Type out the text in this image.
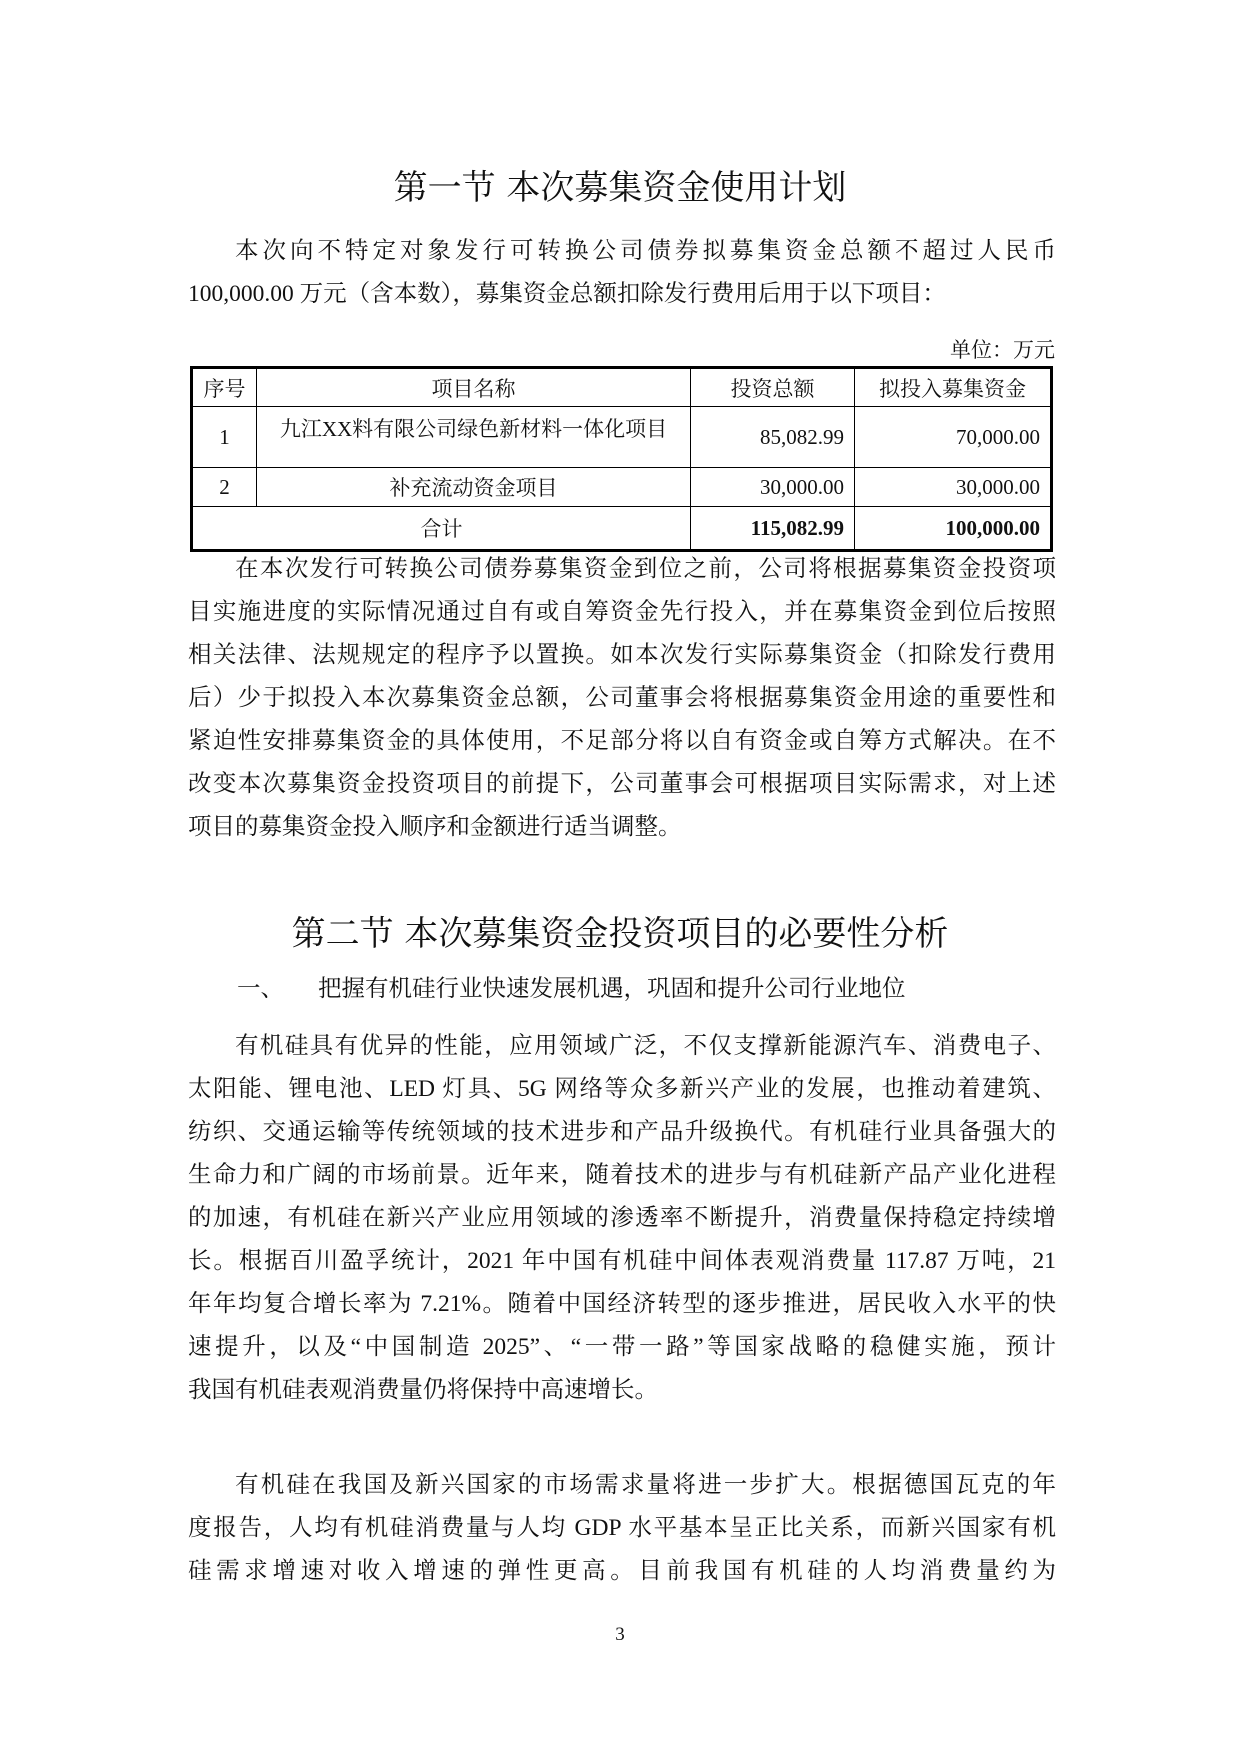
第一节 本次募集资金使用计划
本次向不特定对象发行可转换公司债券拟募集资金总额不超过人民币
100,000.00 万元（含本数），募集资金总额扣除发行费用后用于以下项目：
单位：万元
序号	项目名称	投资总额	拟投入募集资金
1	九江XX料有限公司绿色新材料一体化项目	85,082.99	70,000.00
2	补充流动资金项目	30,000.00	30,000.00
合计		115,082.99	100,000.00
在本次发行可转换公司债券募集资金到位之前，公司将根据募集资金投资项
目实施进度的实际情况通过自有或自筹资金先行投入，并在募集资金到位后按照
相关法律、法规规定的程序予以置换。如本次发行实际募集资金（扣除发行费用
后）少于拟投入本次募集资金总额，公司董事会将根据募集资金用途的重要性和
紧迫性安排募集资金的具体使用，不足部分将以自有资金或自筹方式解决。在不
改变本次募集资金投资项目的前提下，公司董事会可根据项目实际需求，对上述
项目的募集资金投入顺序和金额进行适当调整。
第二节 本次募集资金投资项目的必要性分析
一、 把握有机硅行业快速发展机遇，巩固和提升公司行业地位
有机硅具有优异的性能，应用领域广泛，不仅支撑新能源汽车、消费电子、
太阳能、锂电池、LED 灯具、5G 网络等众多新兴产业的发展，也推动着建筑、
纺织、交通运输等传统领域的技术进步和产品升级换代。有机硅行业具备强大的
生命力和广阔的市场前景。近年来，随着技术的进步与有机硅新产品产业化进程
的加速，有机硅在新兴产业应用领域的渗透率不断提升，消费量保持稳定持续增
长。根据百川盈孚统计，2021 年中国有机硅中间体表观消费量 117.87 万吨，21
年年均复合增长率为 7.21%。随着中国经济转型的逐步推进，居民收入水平的快
速提升，以及“中国制造 2025”、“一带一路”等国家战略的稳健实施，预计
我国有机硅表观消费量仍将保持中高速增长。
有机硅在我国及新兴国家的市场需求量将进一步扩大。根据德国瓦克的年
度报告，人均有机硅消费量与人均 GDP 水平基本呈正比关系，而新兴国家有机
硅需求增速对收入增速的弹性更高。目前我国有机硅的人均消费量约为
3
